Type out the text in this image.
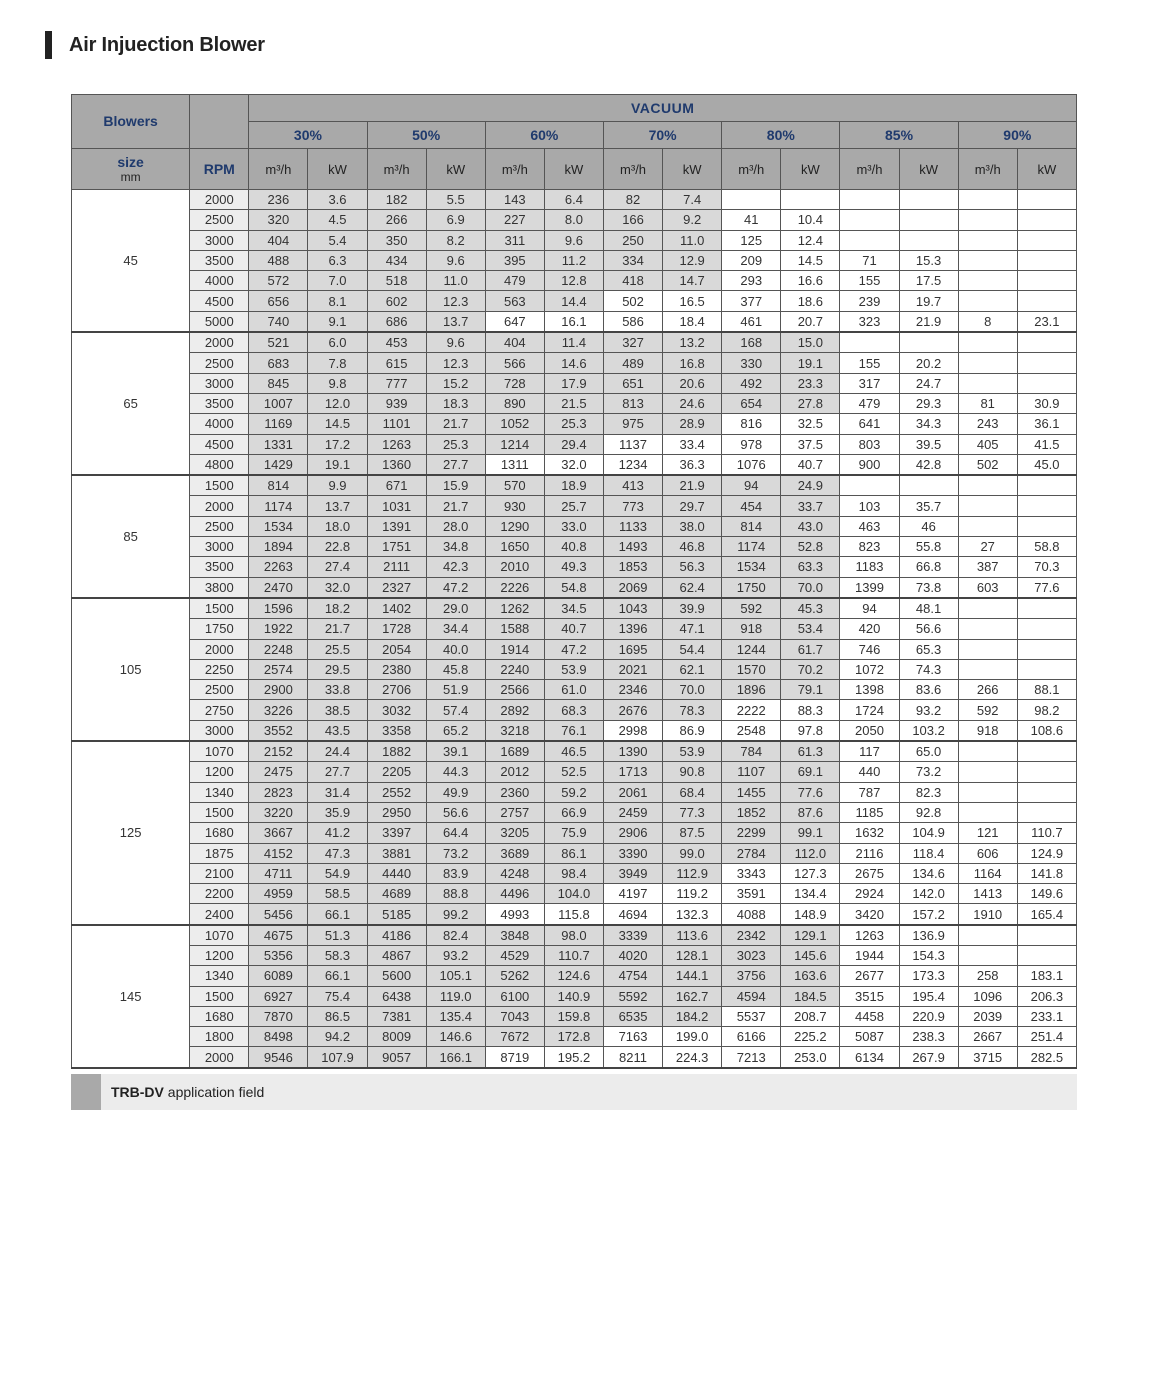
Air Injuection Blower
Blowers		VACUUM													
		30%		50%		60%		70%		80%		85%		90%	

size
mm	RPM	m³/h	kW	m³/h	kW	m³/h	kW	m³/h	kW	m³/h	kW	m³/h	kW	m³/h	kW
45	2000	236	3.6	182	5.5	143	6.4	82	7.4						
	2500	320	4.5	266	6.9	227	8.0	166	9.2	41	10.4				
	3000	404	5.4	350	8.2	311	9.6	250	11.0	125	12.4				
	3500	488	6.3	434	9.6	395	11.2	334	12.9	209	14.5	71	15.3		
	4000	572	7.0	518	11.0	479	12.8	418	14.7	293	16.6	155	17.5		
	4500	656	8.1	602	12.3	563	14.4	502	16.5	377	18.6	239	19.7		
	5000	740	9.1	686	13.7	647	16.1	586	18.4	461	20.7	323	21.9	8	23.1
65	2000	521	6.0	453	9.6	404	11.4	327	13.2	168	15.0				
	2500	683	7.8	615	12.3	566	14.6	489	16.8	330	19.1	155	20.2		
	3000	845	9.8	777	15.2	728	17.9	651	20.6	492	23.3	317	24.7		
	3500	1007	12.0	939	18.3	890	21.5	813	24.6	654	27.8	479	29.3	81	30.9
	4000	1169	14.5	1101	21.7	1052	25.3	975	28.9	816	32.5	641	34.3	243	36.1
	4500	1331	17.2	1263	25.3	1214	29.4	1137	33.4	978	37.5	803	39.5	405	41.5
	4800	1429	19.1	1360	27.7	1311	32.0	1234	36.3	1076	40.7	900	42.8	502	45.0
85	1500	814	9.9	671	15.9	570	18.9	413	21.9	94	24.9				
	2000	1174	13.7	1031	21.7	930	25.7	773	29.7	454	33.7	103	35.7		
	2500	1534	18.0	1391	28.0	1290	33.0	1133	38.0	814	43.0	463	46		
	3000	1894	22.8	1751	34.8	1650	40.8	1493	46.8	1174	52.8	823	55.8	27	58.8
	3500	2263	27.4	2111	42.3	2010	49.3	1853	56.3	1534	63.3	1183	66.8	387	70.3
	3800	2470	32.0	2327	47.2	2226	54.8	2069	62.4	1750	70.0	1399	73.8	603	77.6
105	1500	1596	18.2	1402	29.0	1262	34.5	1043	39.9	592	45.3	94	48.1		
	1750	1922	21.7	1728	34.4	1588	40.7	1396	47.1	918	53.4	420	56.6		
	2000	2248	25.5	2054	40.0	1914	47.2	1695	54.4	1244	61.7	746	65.3		
	2250	2574	29.5	2380	45.8	2240	53.9	2021	62.1	1570	70.2	1072	74.3		
	2500	2900	33.8	2706	51.9	2566	61.0	2346	70.0	1896	79.1	1398	83.6	266	88.1
	2750	3226	38.5	3032	57.4	2892	68.3	2676	78.3	2222	88.3	1724	93.2	592	98.2
	3000	3552	43.5	3358	65.2	3218	76.1	2998	86.9	2548	97.8	2050	103.2	918	108.6
125	1070	2152	24.4	1882	39.1	1689	46.5	1390	53.9	784	61.3	117	65.0		
	1200	2475	27.7	2205	44.3	2012	52.5	1713	90.8	1107	69.1	440	73.2		
	1340	2823	31.4	2552	49.9	2360	59.2	2061	68.4	1455	77.6	787	82.3		
	1500	3220	35.9	2950	56.6	2757	66.9	2459	77.3	1852	87.6	1185	92.8		
	1680	3667	41.2	3397	64.4	3205	75.9	2906	87.5	2299	99.1	1632	104.9	121	110.7
	1875	4152	47.3	3881	73.2	3689	86.1	3390	99.0	2784	112.0	2116	118.4	606	124.9
	2100	4711	54.9	4440	83.9	4248	98.4	3949	112.9	3343	127.3	2675	134.6	1164	141.8
	2200	4959	58.5	4689	88.8	4496	104.0	4197	119.2	3591	134.4	2924	142.0	1413	149.6
	2400	5456	66.1	5185	99.2	4993	115.8	4694	132.3	4088	148.9	3420	157.2	1910	165.4
145	1070	4675	51.3	4186	82.4	3848	98.0	3339	113.6	2342	129.1	1263	136.9		
	1200	5356	58.3	4867	93.2	4529	110.7	4020	128.1	3023	145.6	1944	154.3		
	1340	6089	66.1	5600	105.1	5262	124.6	4754	144.1	3756	163.6	2677	173.3	258	183.1
	1500	6927	75.4	6438	119.0	6100	140.9	5592	162.7	4594	184.5	3515	195.4	1096	206.3
	1680	7870	86.5	7381	135.4	7043	159.8	6535	184.2	5537	208.7	4458	220.9	2039	233.1
	1800	8498	94.2	8009	146.6	7672	172.8	7163	199.0	6166	225.2	5087	238.3	2667	251.4
	2000	9546	107.9	9057	166.1	8719	195.2	8211	224.3	7213	253.0	6134	267.9	3715	282.5
TRB-DV application field
